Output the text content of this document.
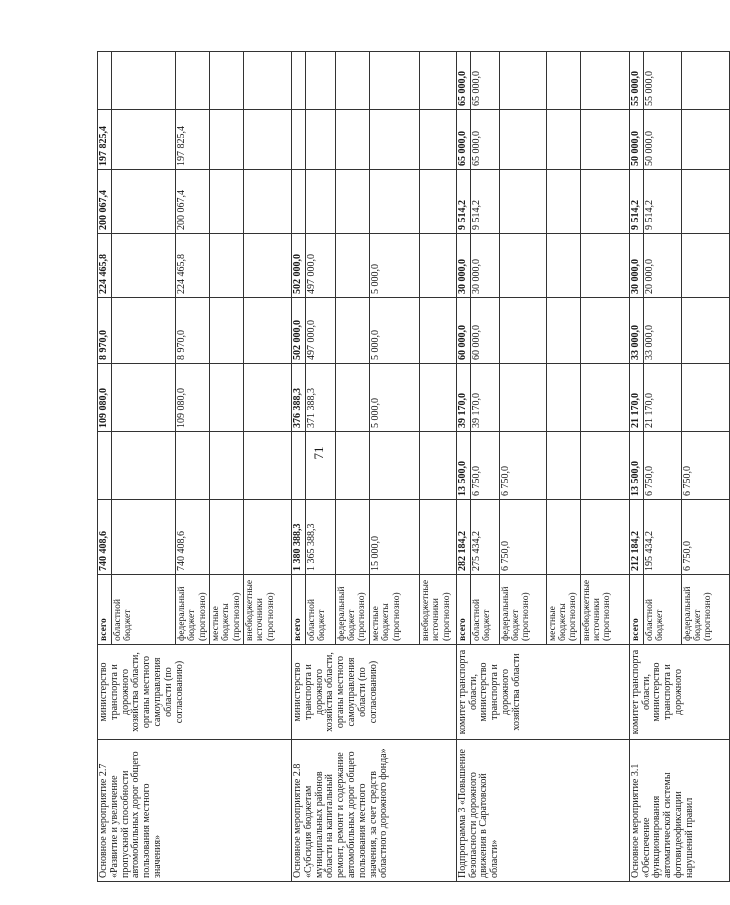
71
Основное мероприятие 2.7 «Развитие и увеличение пропускной способности автомобильных дорог общего пользования местного значения»	министерство транспорта и дорожного хозяйства области, органы местного самоуправления области (по согласованию)	всего	740 408,6		109 080,0	8 970,0	224 465,8	200 067,4	197 825,4	
		областной бюджет								
		федеральный бюджет (прогнозно)	740 408,6		109 080,0	8 970,0	224 465,8	200 067,4	197 825,4	
		местные бюджеты (прогнозно)								
		внебюджетные источники (прогнозно)								
Основное мероприятие 2.8 «Субсидия бюджетам муниципальных районов области на капитальный ремонт, ремонт и содержание автомобильных дорог общего пользования местного значения, за счет средств областного дорожного фонда»	министерство транспорта и дорожного хозяйства области, органы местного самоуправления области (по согласованию)	всего	1 380 388,3		376 388,3	502 000,0	502 000,0			
		областной бюджет	1 365 388,3		371 388,3	497 000,0	497 000,0			
		федеральный бюджет (прогнозно)								
		местные бюджеты (прогнозно)	15 000,0		5 000,0	5 000,0	5 000,0			
		внебюджетные источники (прогнозно)								
Подпрограмма 3 «Повышение безопасности дорожного движения в Саратовской области»	комитет транспорта области, министерство транспорта и дорожного хозяйства области	всего	282 184,2	13 500,0	39 170,0	60 000,0	30 000,0	9 514,2	65 000,0	65 000,0
		областной бюджет	275 434,2	6 750,0	39 170,0	60 000,0	30 000,0	9 514,2	65 000,0	65 000,0
		федеральный бюджет (прогнозно)	6 750,0	6 750,0						
		местные бюджеты (прогнозно)								
		внебюджетные источники (прогнозно)								
Основное мероприятие 3.1 «Обеспечение функционирования автоматической системы фотовидеофиксации нарушений правил	комитет транспорта области, министерство транспорта и дорожного	всего	212 184,2	13 500,0	21 170,0	33 000,0	30 000,0	9 514,2	50 000,0	55 000,0
		областной бюджет	195 434,2	6 750,0	21 170,0	33 000,0	20 000,0	9 514,2	50 000,0	55 000,0
		федеральный бюджет (прогнозно)	6 750,0	6 750,0						
